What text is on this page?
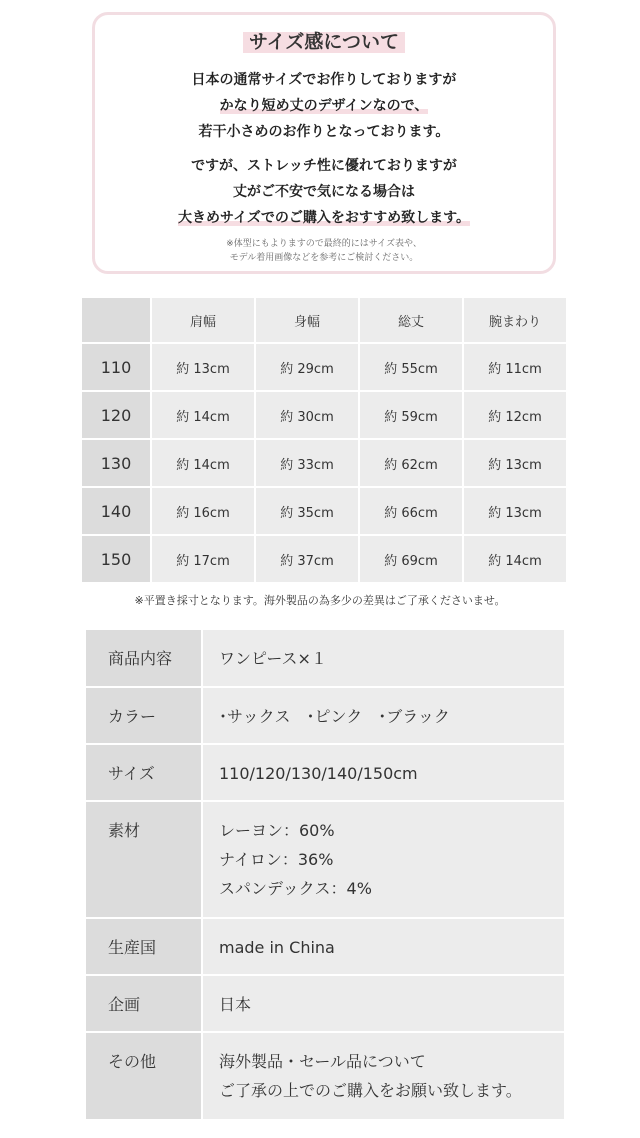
サイズ感について
日本の通常サイズでお作りしておりますが
かなり短め丈のデザインなので、
若干小さめのお作りとなっております。
ですが、ストレッチ性に優れておりますが
丈がご不安で気になる場合は
大きめサイズでのご購入をおすすめ致します。
※体型にもよりますので最終的にはサイズ表や、
モデル着用画像などを参考にご検討ください。
	肩幅	身幅	総丈	腕まわり
110	約 13cm	約 29cm	約 55cm	約 11cm
120	約 14cm	約 30cm	約 59cm	約 12cm
130	約 14cm	約 33cm	約 62cm	約 13cm
140	約 16cm	約 35cm	約 66cm	約 13cm
150	約 17cm	約 37cm	約 69cm	約 14cm
※平置き採寸となります。海外製品の為多少の差異はご了承くださいませ。
商品内容	ワンピース×１

カラー	･サックス　･ピンク　･ブラック

サイズ	110/120/130/140/150cm

素材	レーヨン：60%
ナイロン：36%
スパンデックス：4%

生産国	made in China

企画	日本

その他	海外製品・セール品について
ご了承の上でのご購入をお願い致します。
